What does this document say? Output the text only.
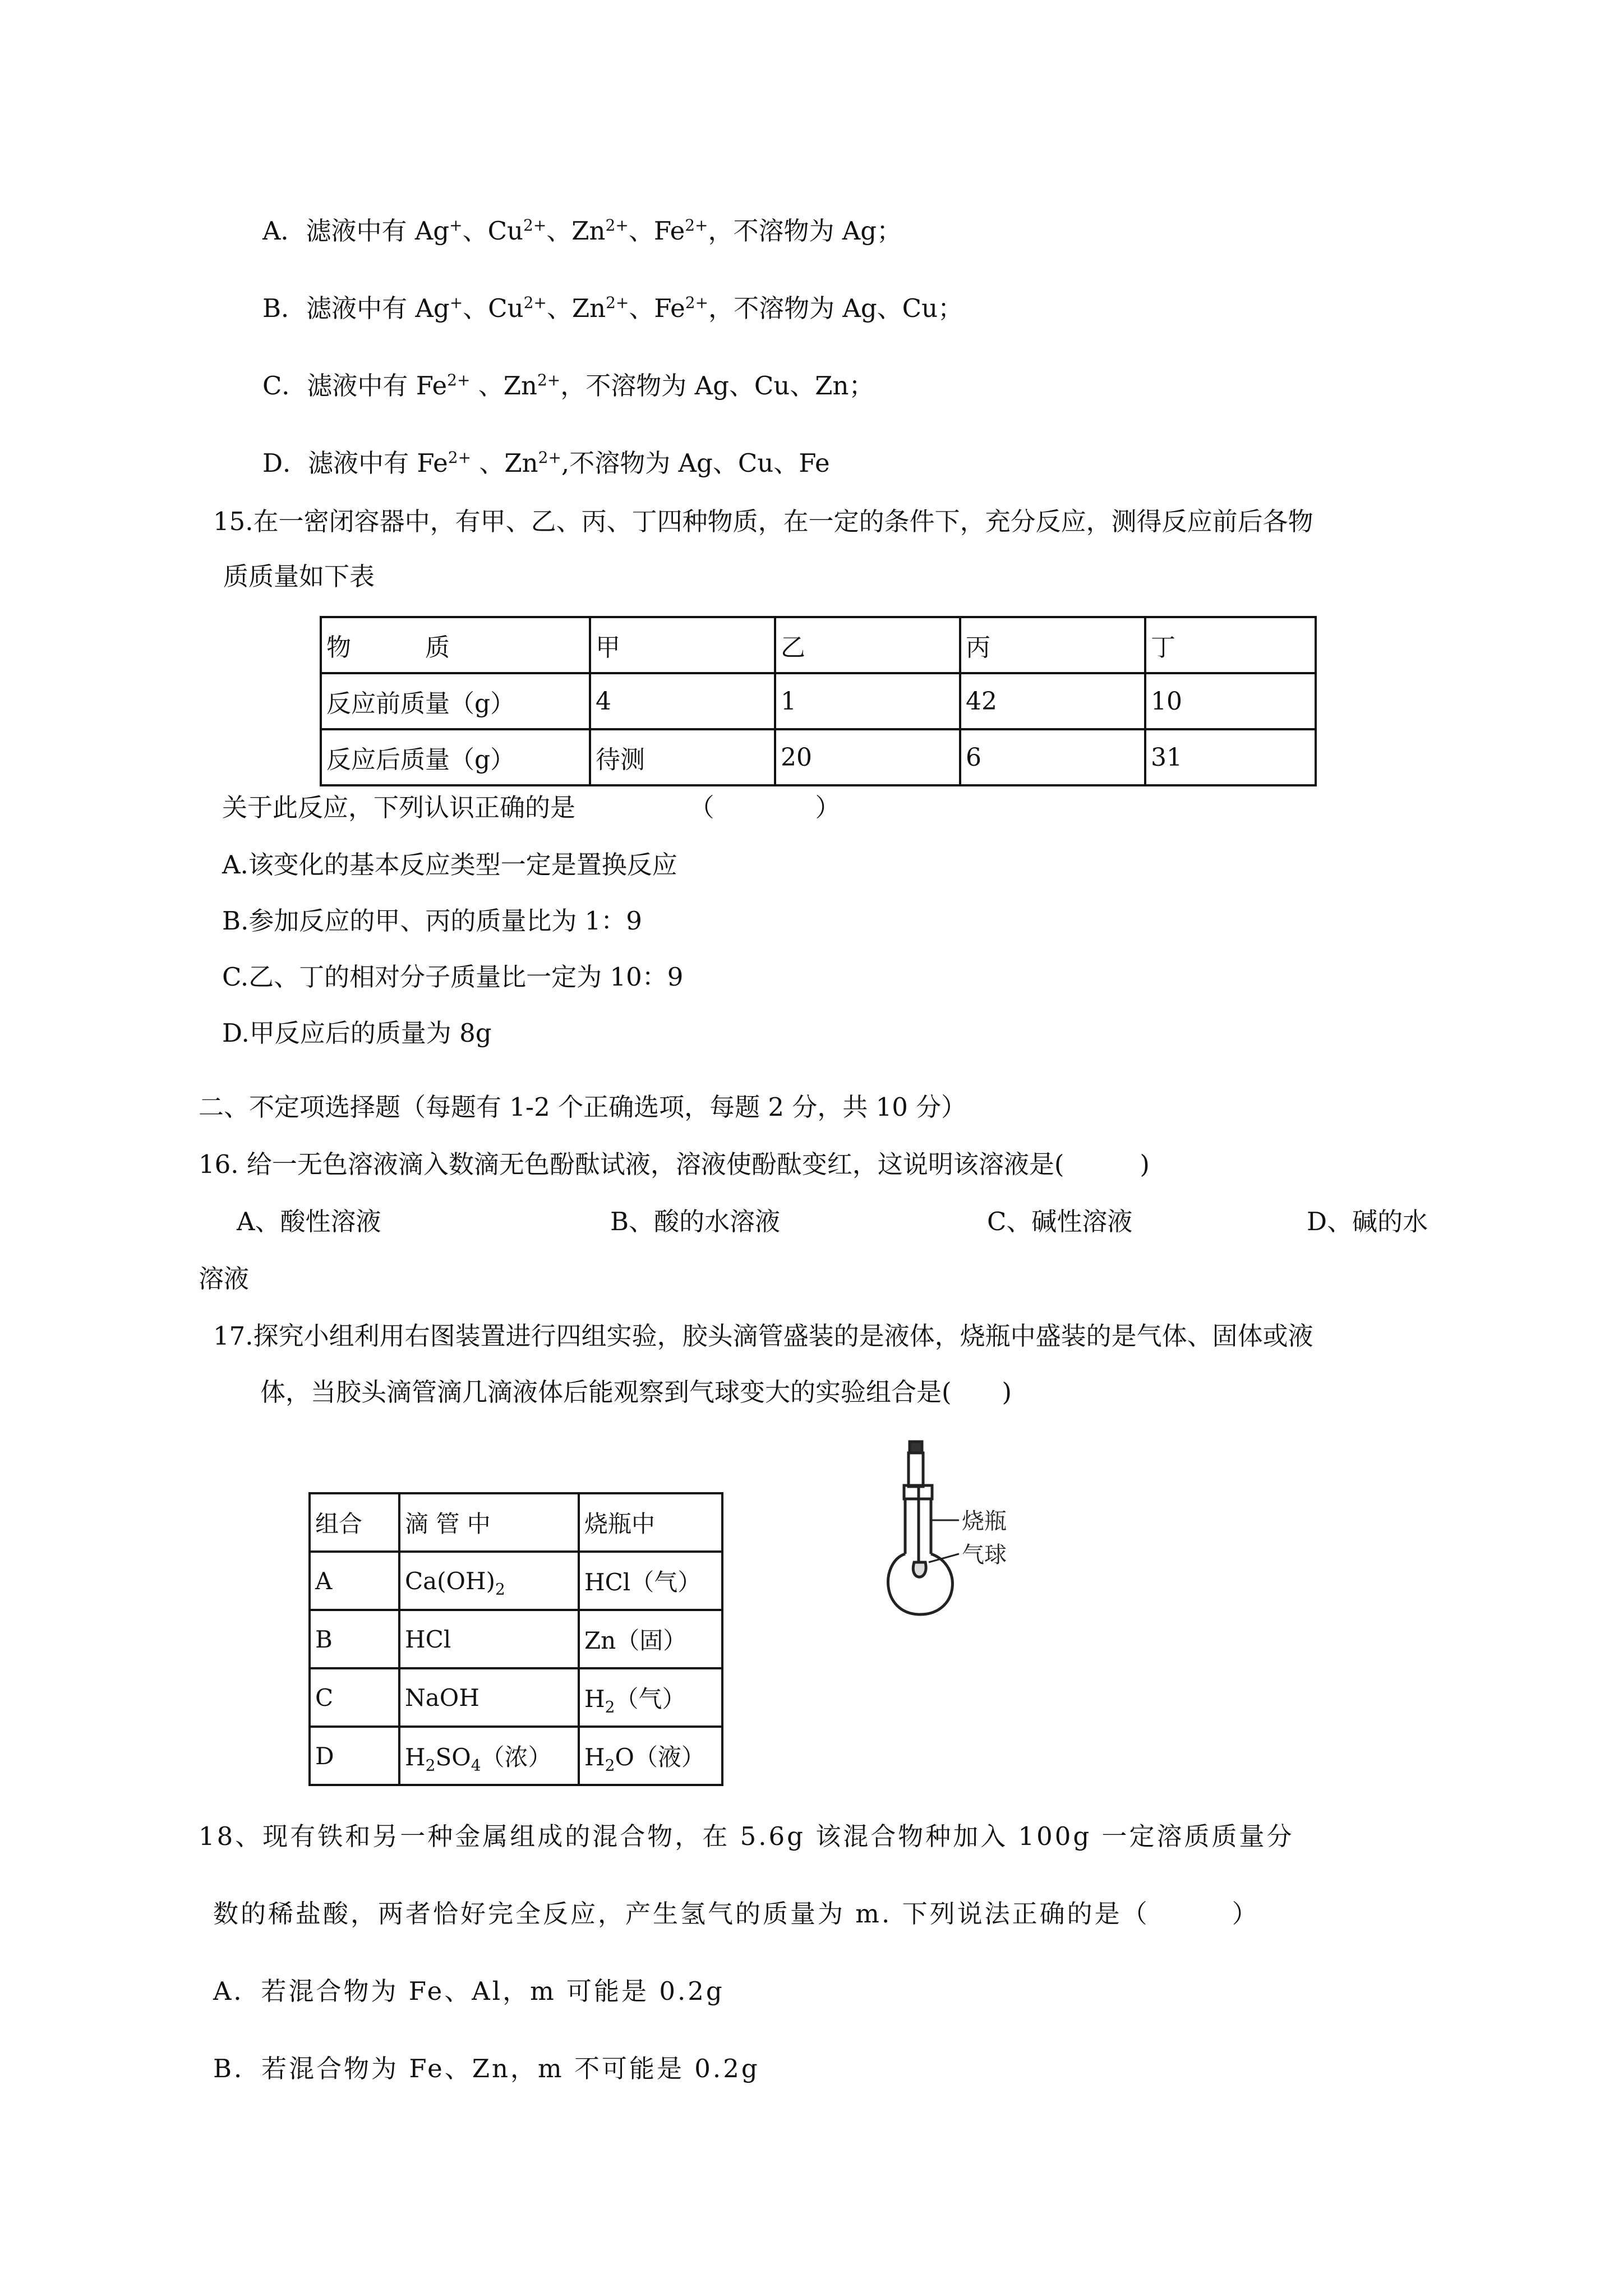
A．滤液中有 Ag+、$Cu^{2+}$、$Zn^{2+}$、$Fe^{2+}$，不溶物为 Ag；
B．滤液中有 Ag+、$Cu^{2+}$、$Zn^{2+}$、$Fe^{2+}$，不溶物为 Ag、Cu；
C．滤液中有 $Fe^{2+}$ 、$Zn^{2+}$，不溶物为 Ag、Cu、Zn；
D．滤液中有 $Fe^{2+}$ 、$Zn^{2+}$,不溶物为 Ag、Cu、Fe
15.在一密闭容器中，有甲、乙、丙、丁四种物质，在一定的条件下，充分反应，测得反应前后各物
质质量如下表
物　　　质	甲	乙	丙	丁
反应前质量（g）	4	1	42	10
反应后质量（g）	待测	20	6	31
关于此反应，下列认识正确的是　　　　　（　　　　）
A.该变化的基本反应类型一定是置换反应
B.参加反应的甲、丙的质量比为 1：9
C.乙、丁的相对分子质量比一定为 10：9
D.甲反应后的质量为 8g
二、不定项选择题（每题有 1-2 个正确选项，每题 2 分，共 10 分）
16. 给一无色溶液滴入数滴无色酚酞试液，溶液使酚酞变红，这说明该溶液是(　　　)
A、酸性溶液	B、酸的水溶液	C、碱性溶液	D、碱的水
溶液
17.探究小组利用右图装置进行四组实验，胶头滴管盛装的是液体，烧瓶中盛装的是气体、固体或液
体，当胶头滴管滴几滴液体后能观察到气球变大的实验组合是(　　)
组合	滴 管 中	烧瓶中
A	$Ca(OH)_2$	HCl（气）
B	HCl	Zn（固）
C	NaOH	$H_2$（气）
D	$H_2SO_4$（浓）	$H_2O$（液）
烧瓶
气球
18、现有铁和另一种金属组成的混合物，在 5.6g 该混合物种加入 100g 一定溶质质量分
数的稀盐酸，两者恰好完全反应，产生氢气的质量为 m. 下列说法正确的是（　　　）
A．若混合物为 Fe、Al，m 可能是 0.2g
B．若混合物为 Fe、Zn，m 不可能是 0.2g
